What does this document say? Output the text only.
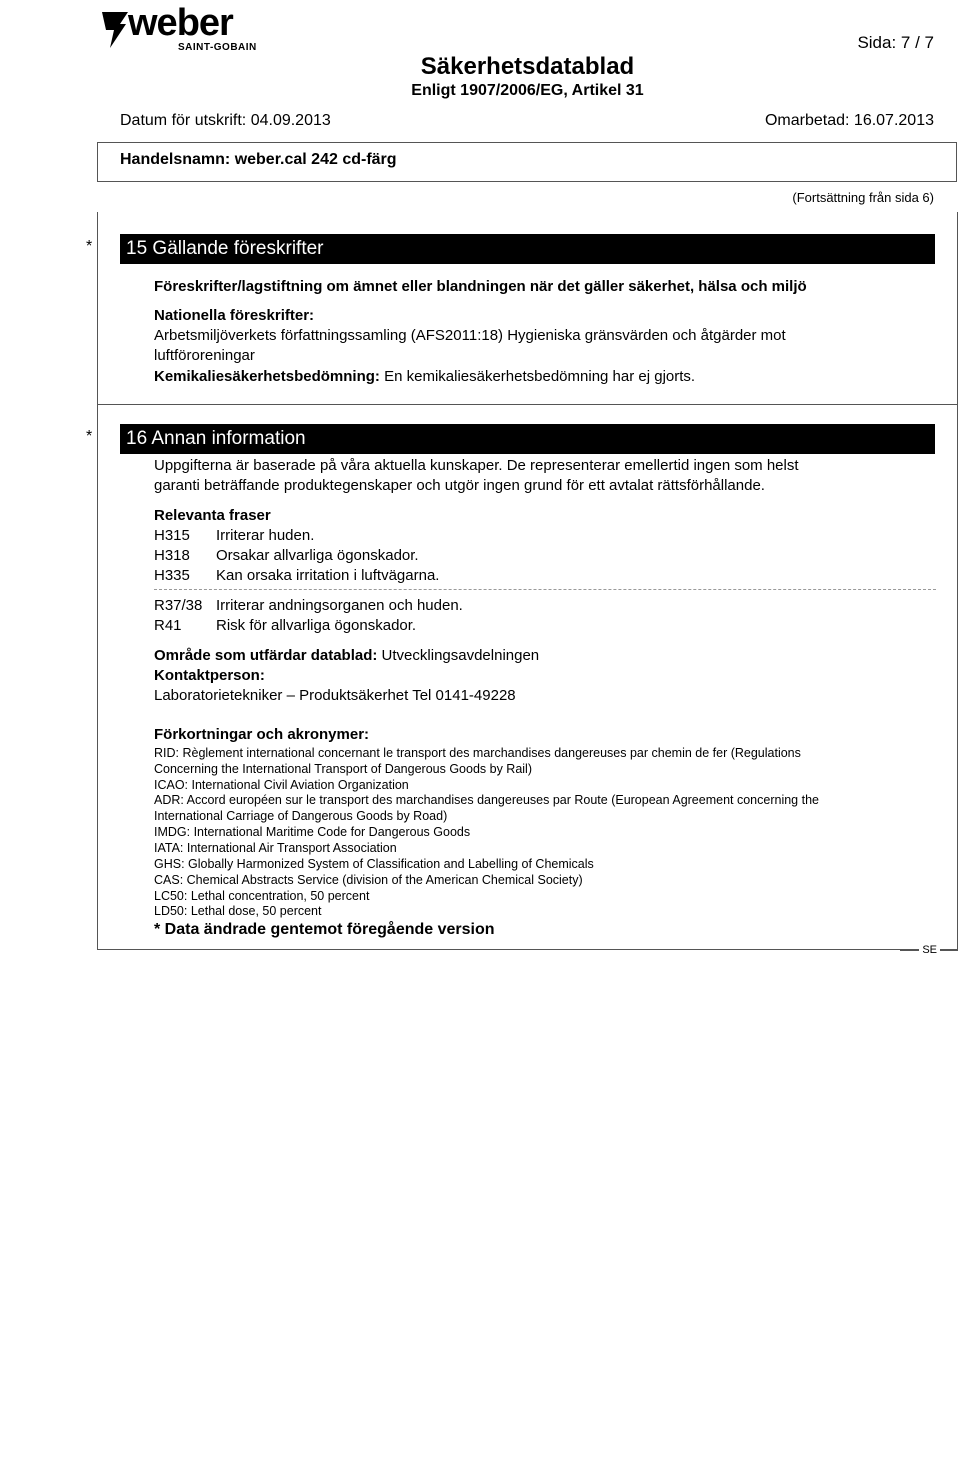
weber
SAINT-GOBAIN	Sida: 7 / 7
Säkerhetsdatablad
Enligt 1907/2006/EG, Artikel 31
Datum för utskrift: 04.09.2013	Omarbetad: 16.07.2013
Handelsnamn: weber.cal 242 cd-färg
(Fortsättning från sida 6)
*	15 Gällande föreskrifter
Föreskrifter/lagstiftning om ämnet eller blandningen när det gäller säkerhet, hälsa och miljö
Nationella föreskrifter:
Arbetsmiljöverkets författningssamling (AFS2011:18) Hygieniska gränsvärden och åtgärder mot
luftföroreningar
Kemikaliesäkerhetsbedömning: En kemikaliesäkerhetsbedömning har ej gjorts.
*	16 Annan information
Uppgifterna är baserade på våra aktuella kunskaper. De representerar emellertid ingen som helst
garanti beträffande produktegenskaper och utgör ingen grund för ett avtalat rättsförhållande.
Relevanta fraser
H315 Irriterar huden.
H318 Orsakar allvarliga ögonskador.
H335 Kan orsaka irritation i luftvägarna.
R37/38 Irriterar andningsorganen och huden.
R41 Risk för allvarliga ögonskador.
Område som utfärdar datablad: Utvecklingsavdelningen
Kontaktperson:
Laboratorietekniker – Produktsäkerhet Tel 0141-49228
Förkortningar och akronymer:
RID: Règlement international concernant le transport des marchandises dangereuses par chemin de fer (Regulations
Concerning the International Transport of Dangerous Goods by Rail)
ICAO: International Civil Aviation Organization
ADR: Accord européen sur le transport des marchandises dangereuses par Route (European Agreement concerning the
International Carriage of Dangerous Goods by Road)
IMDG: International Maritime Code for Dangerous Goods
IATA: International Air Transport Association
GHS: Globally Harmonized System of Classification and Labelling of Chemicals
CAS: Chemical Abstracts Service (division of the American Chemical Society)
LC50: Lethal concentration, 50 percent
LD50: Lethal dose, 50 percent
* Data ändrade gentemot föregående version
SE
